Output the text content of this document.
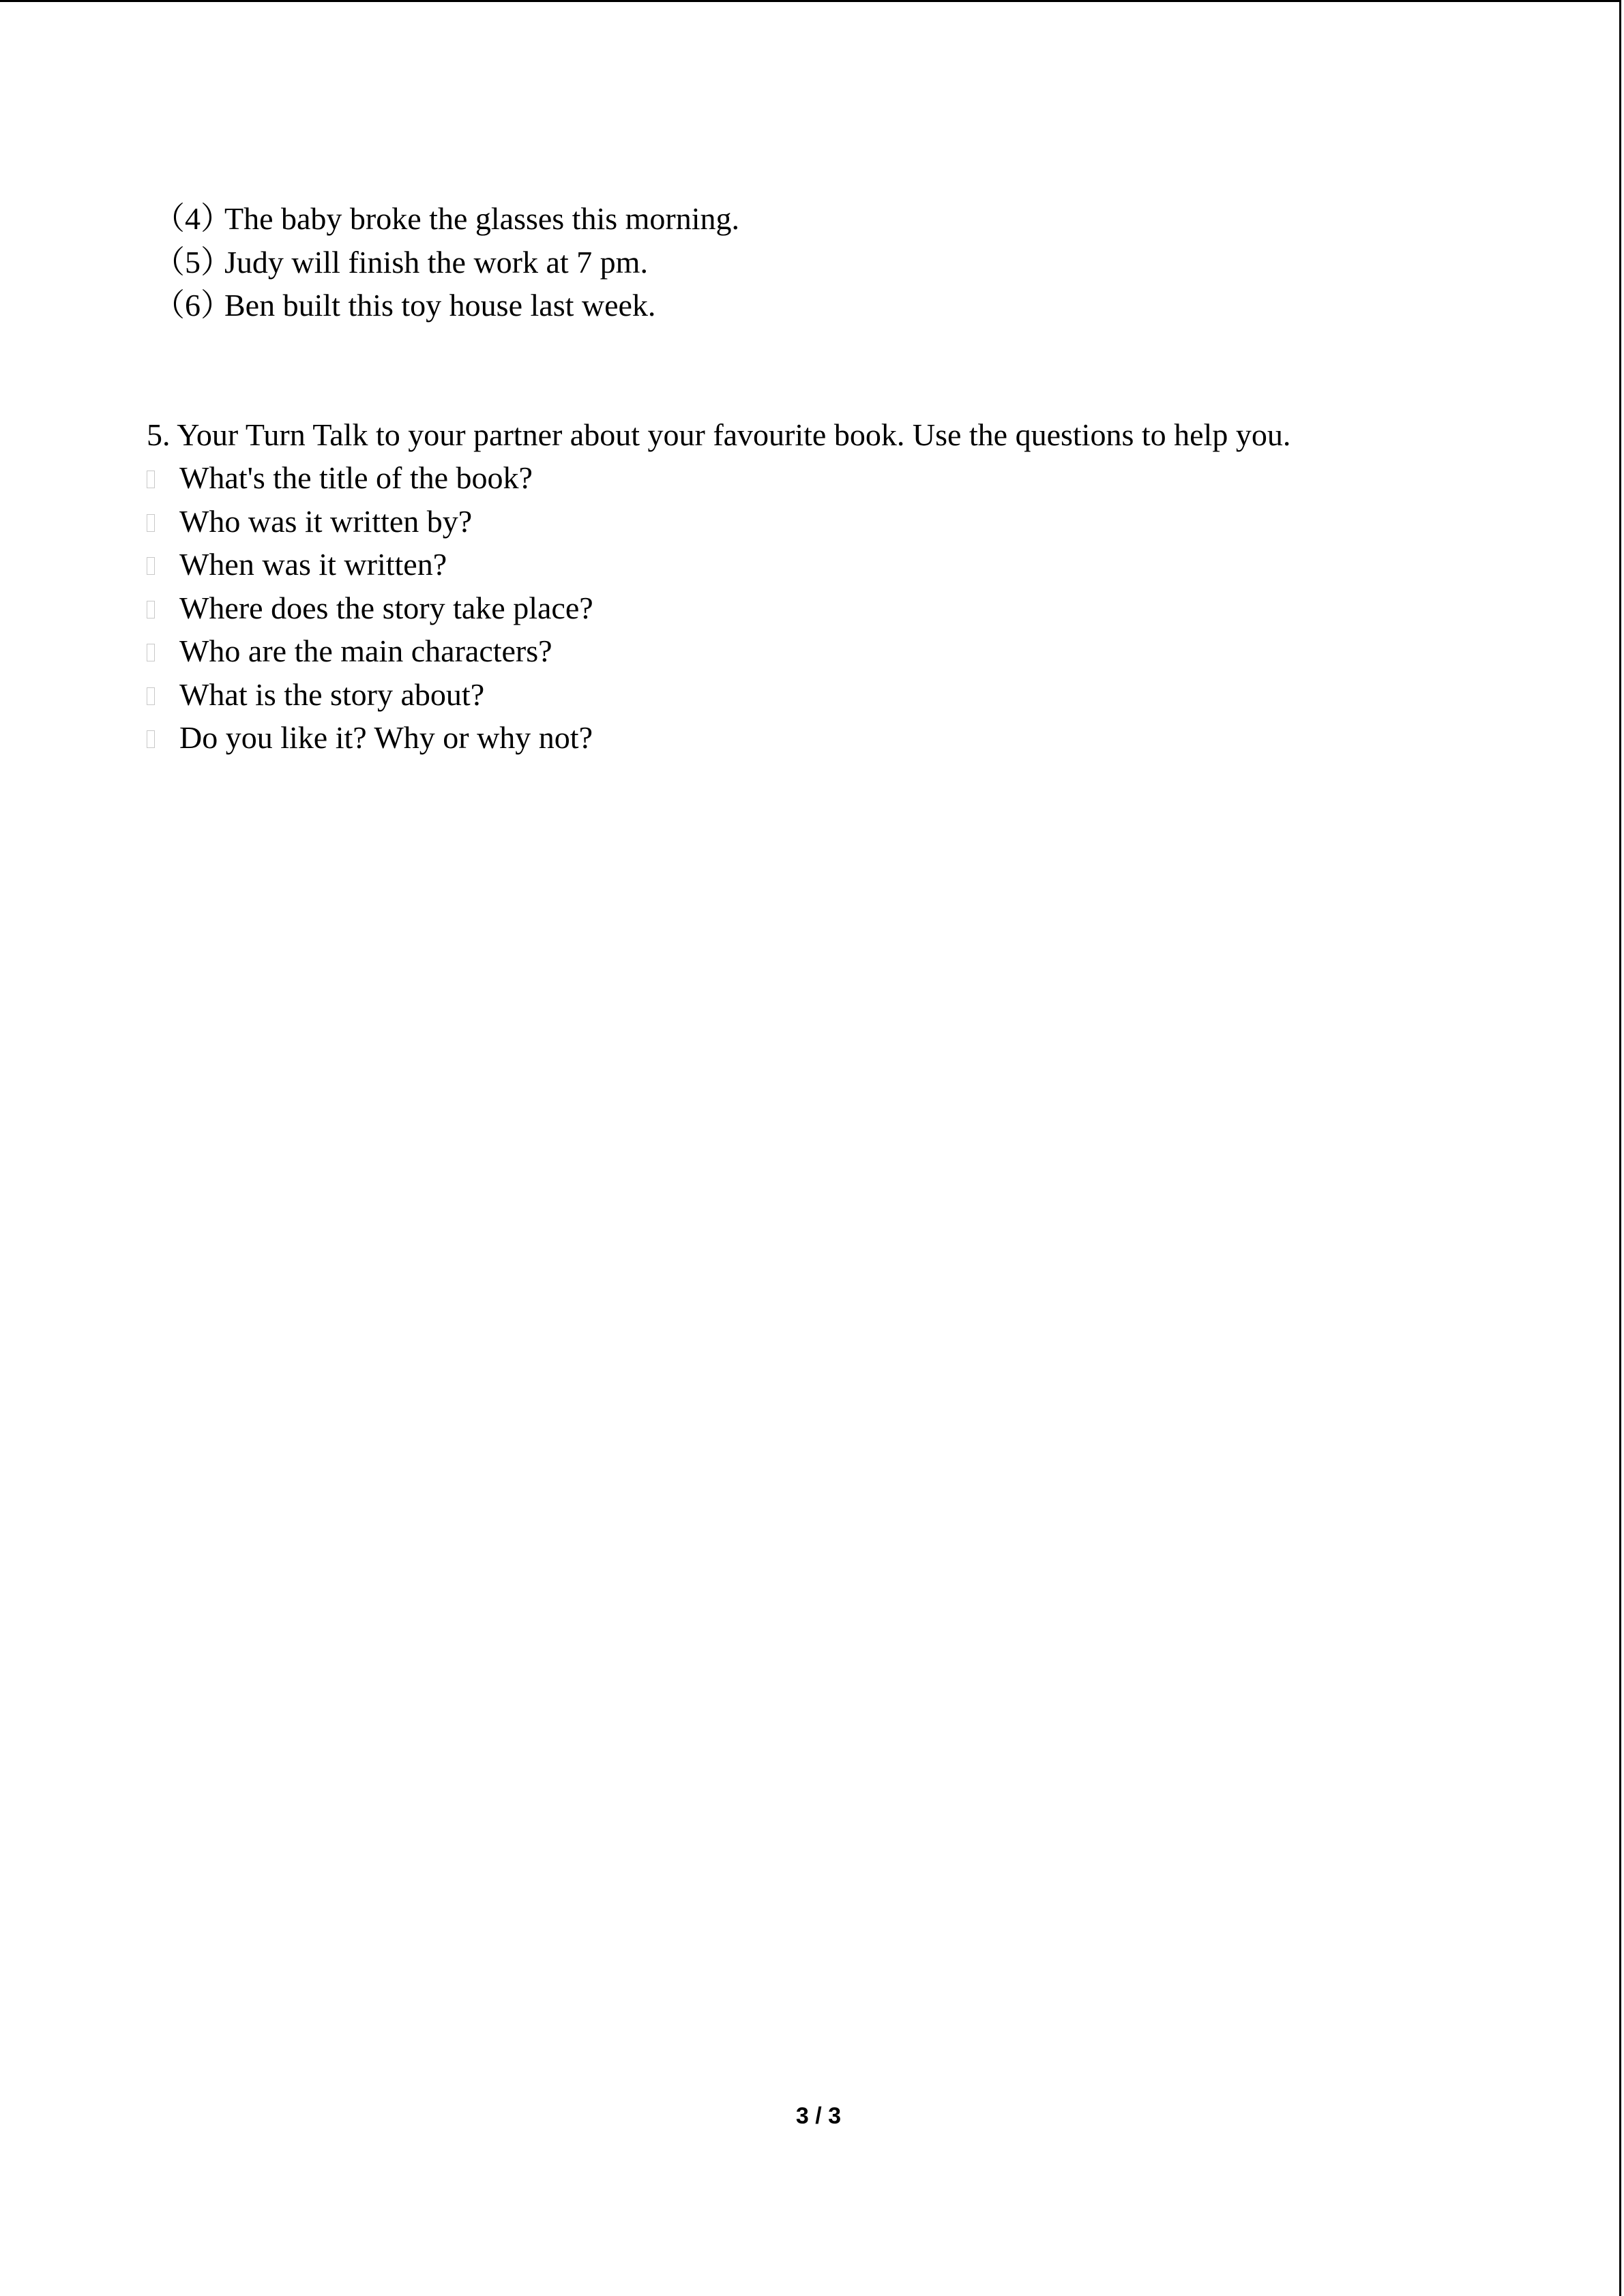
（4）The baby broke the glasses this morning.
（5）Judy will finish the work at 7 pm.
（6）Ben built this toy house last week.
5. Your Turn Talk to your partner about your favourite book. Use the questions to help you.
What's the title of the book?
Who was it written by?
When was it written?
Where does the story take place?
Who are the main characters?
What is the story about?
Do you like it? Why or why not?
3 / 3
